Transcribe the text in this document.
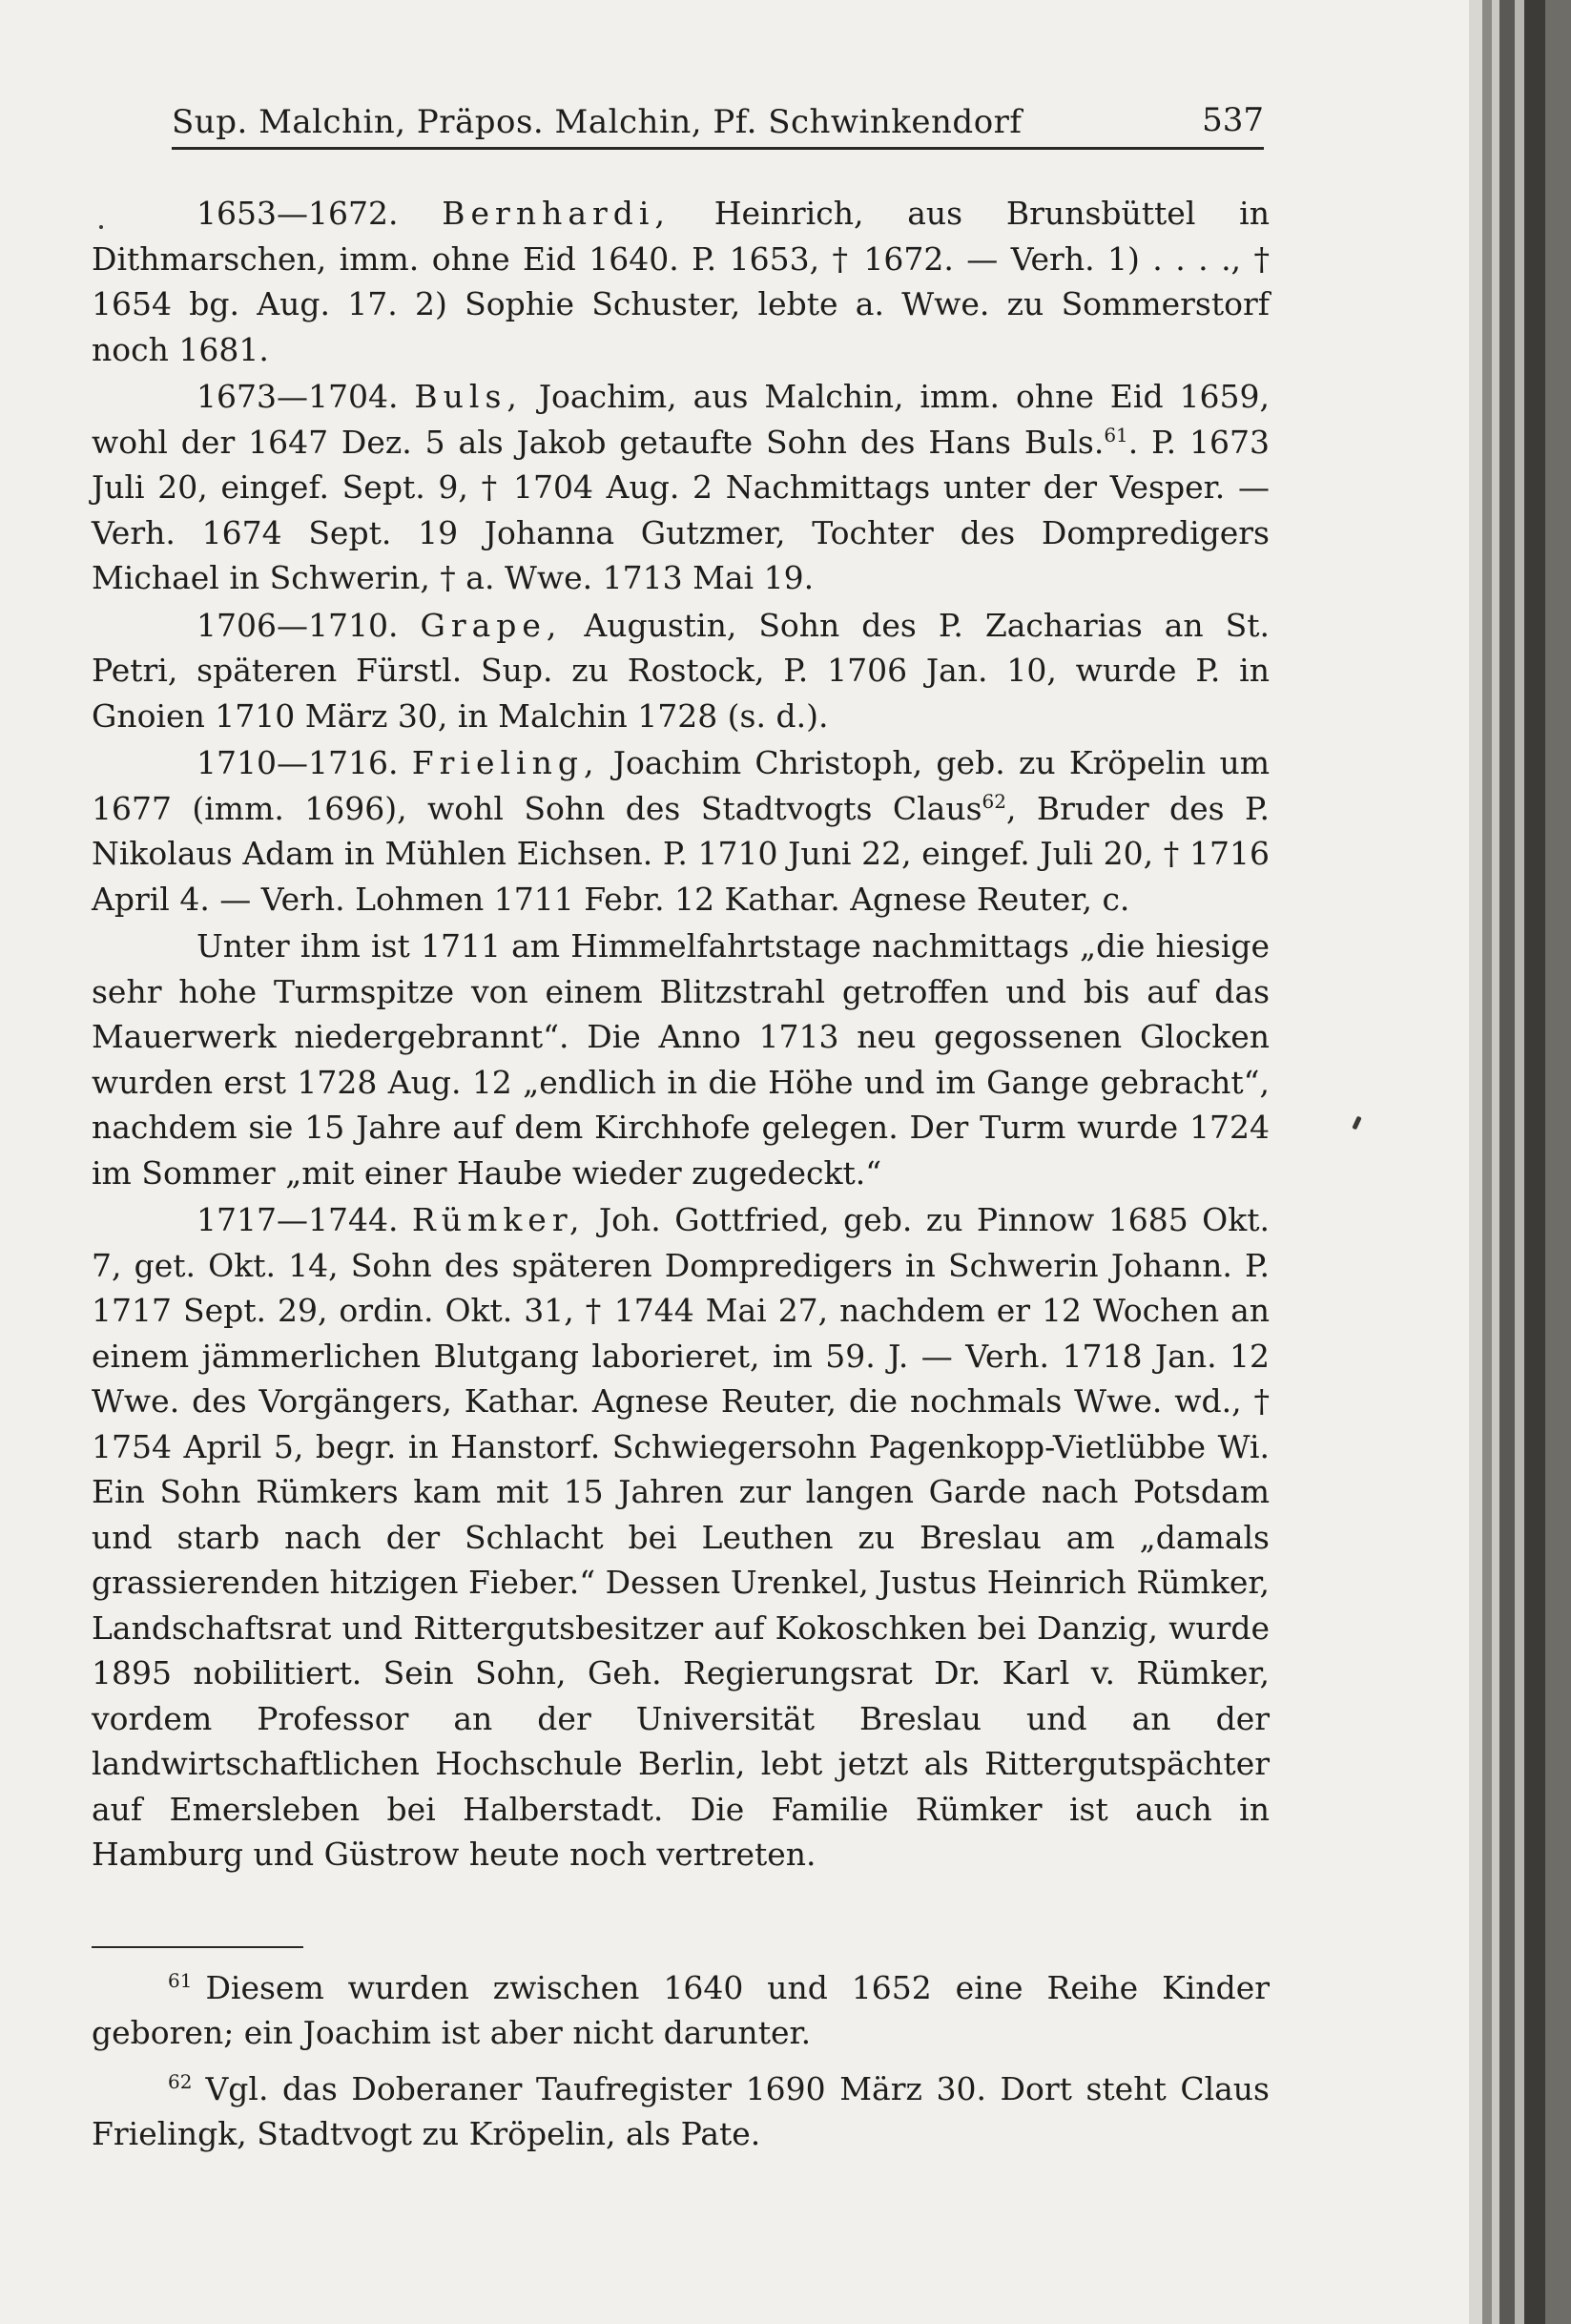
Sup. Malchin, Präpos. Malchin, Pf. Schwinkendorf	537

1653—1672. Bernhardi, Heinrich, aus Brunsbüttel in Dithmarschen, imm. ohne Eid 1640. P. 1653, † 1672. — Verh. 1) . . . ., † 1654 bg. Aug. 17. 2) Sophie Schuster, lebte a. Wwe. zu Sommerstorf noch 1681.

1673—1704. Buls, Joachim, aus Malchin, imm. ohne Eid 1659, wohl der 1647 Dez. 5 als Jakob getaufte Sohn des Hans Buls.$^{61}$. P. 1673 Juli 20, eingef. Sept. 9, † 1704 Aug. 2 Nachmittags unter der Vesper. — Verh. 1674 Sept. 19 Johanna Gutzmer, Tochter des Dompredigers Michael in Schwerin, † a. Wwe. 1713 Mai 19.

1706—1710. Grape, Augustin, Sohn des P. Zacharias an St. Petri, späteren Fürstl. Sup. zu Rostock, P. 1706 Jan. 10, wurde P. in Gnoien 1710 März 30, in Malchin 1728 (s. d.).

1710—1716. Frieling, Joachim Christoph, geb. zu Kröpelin um 1677 (imm. 1696), wohl Sohn des Stadtvogts Claus$^{62}$, Bruder des P. Nikolaus Adam in Mühlen Eichsen. P. 1710 Juni 22, eingef. Juli 20, † 1716 April 4. — Verh. Lohmen 1711 Febr. 12 Kathar. Agnese Reuter, c.

Unter ihm ist 1711 am Himmelfahrtstage nachmittags „die hiesige sehr hohe Turmspitze von einem Blitzstrahl getroffen und bis auf das Mauerwerk niedergebrannt“. Die Anno 1713 neu gegossenen Glocken wurden erst 1728 Aug. 12 „endlich in die Höhe und im Gange gebracht“, nachdem sie 15 Jahre auf dem Kirchhofe gelegen. Der Turm wurde 1724 im Sommer „mit einer Haube wieder zugedeckt.“

1717—1744. Rümker, Joh. Gottfried, geb. zu Pinnow 1685 Okt. 7, get. Okt. 14, Sohn des späteren Dompredigers in Schwerin Johann. P. 1717 Sept. 29, ordin. Okt. 31, † 1744 Mai 27, nachdem er 12 Wochen an einem jämmerlichen Blutgang laborieret, im 59. J. — Verh. 1718 Jan. 12 Wwe. des Vorgängers, Kathar. Agnese Reuter, die nochmals Wwe. wd., † 1754 April 5, begr. in Hanstorf. Schwiegersohn Pagenkopp-Vietlübbe Wi. Ein Sohn Rümkers kam mit 15 Jahren zur langen Garde nach Potsdam und starb nach der Schlacht bei Leuthen zu Breslau am „damals grassierenden hitzigen Fieber.“ Dessen Urenkel, Justus Heinrich Rümker, Landschaftsrat und Rittergutsbesitzer auf Kokoschken bei Danzig, wurde 1895 nobilitiert. Sein Sohn, Geh. Regierungsrat Dr. Karl v. Rümker, vordem Professor an der Universität Breslau und an der landwirtschaftlichen Hochschule Berlin, lebt jetzt als Rittergutspächter auf Emersleben bei Halberstadt. Die Familie Rümker ist auch in Hamburg und Güstrow heute noch vertreten.

$^{61}$ Diesem wurden zwischen 1640 und 1652 eine Reihe Kinder geboren; ein Joachim ist aber nicht darunter.

$^{62}$ Vgl. das Doberaner Taufregister 1690 März 30. Dort steht Claus Frielingk, Stadtvogt zu Kröpelin, als Pate.
